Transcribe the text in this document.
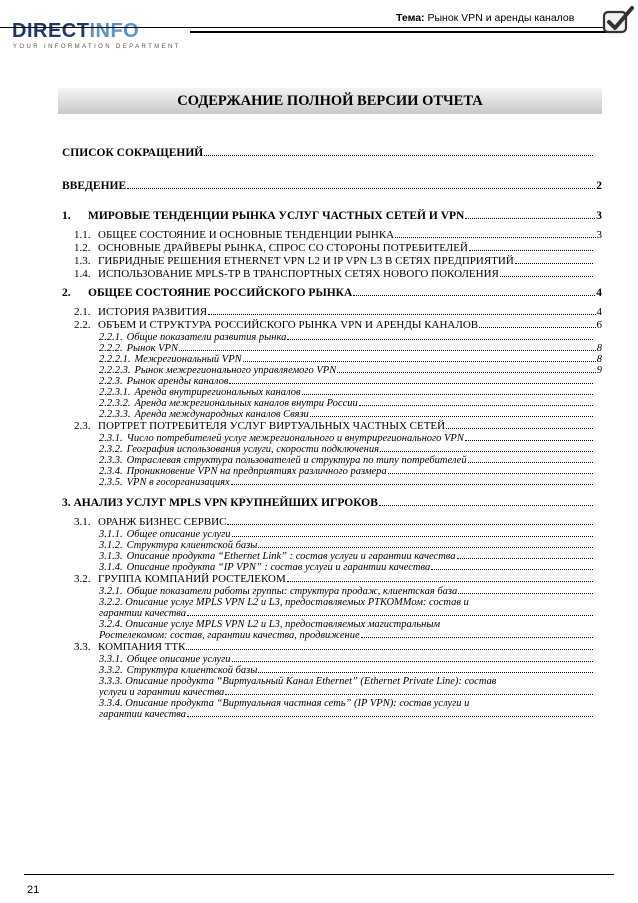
DIRECTINFO
YOUR INFORMATION DEPARTMENT
Тема: Рынок VPN и аренды каналов
СОДЕРЖАНИЕ ПОЛНОЙ ВЕРСИИ ОТЧЕТА
СПИСОК СОКРАЩЕНИЙ
ВВЕДЕНИЕ	2
1. МИРОВЫЕ ТЕНДЕНЦИИ РЫНКА УСЛУГ ЧАСТНЫХ СЕТЕЙ И VPN	3
1.1. ОБЩЕЕ СОСТОЯНИЕ И ОСНОВНЫЕ ТЕНДЕНЦИИ РЫНКА	3
1.2. ОСНОВНЫЕ ДРАЙВЕРЫ РЫНКА, СПРОС СО СТОРОНЫ ПОТРЕБИТЕЛЕЙ
1.3. ГИБРИДНЫЕ РЕШЕНИЯ ETHERNET VPN L2 И IP VPN L3 В СЕТЯХ ПРЕДПРИЯТИЙ
1.4. ИСПОЛЬЗОВАНИЕ MPLS-TP В ТРАНСПОРТНЫХ СЕТЯХ НОВОГО ПОКОЛЕНИЯ
2. ОБЩЕЕ СОСТОЯНИЕ РОССИЙСКОГО РЫНКА	4
2.1. ИСТОРИЯ РАЗВИТИЯ	4
2.2. ОБЪЕМ И СТРУКТУРА РОССИЙСКОГО РЫНКА VPN И АРЕНДЫ КАНАЛОВ	6
2.2.1. Общие показатели развития рынка
2.2.2. Рынок VPN	8
2.2.2.1. Межрегиональный VPN	8
2.2.2.3. Рынок межрегионального управляемого VPN	9
2.2.3. Рынок аренды каналов
2.2.3.1. Аренда внутрирегиональных каналов
2.2.3.2. Аренда межрегиональных каналов внутри России
2.2.3.3. Аренда международных каналов Связи
2.3. ПОРТРЕТ ПОТРЕБИТЕЛЯ УСЛУГ ВИРТУАЛЬНЫХ ЧАСТНЫХ СЕТЕЙ
2.3.1. Число потребителей услуг межрегионального и внутрирегионального VPN
2.3.2. География использования услуги, скорости подключения
2.3.3. Отраслевая структура пользователей и структура по типу потребителей
2.3.4. Проникновение VPN на предприятиях различного размера
2.3.5. VPN в госорганизациях
3. АНАЛИЗ УСЛУГ MPLS VPN КРУПНЕЙШИХ ИГРОКОВ
3.1. ОРАНЖ БИЗНЕС СЕРВИС
3.1.1. Общее описание услуги
3.1.2. Структура клиентской базы
3.1.3. Описание продукта “Ethernet Link” : состав услуги и гарантии качества
3.1.4. Описание продукта “IP VPN” : состав услуги и гарантии качества
3.2. ГРУППА КОМПАНИЙ РОСТЕЛЕКОМ
3.2.1. Общие показатели работы группы: структура продаж, клиентская база
3.2.2. Описание услуг MPLS VPN L2 и L3, предоставляемых РТКОММом: состав и
гарантии качества
3.2.4. Описание услуг MPLS VPN L2 и L3, предоставляемых магистральным
Ростелекомом: состав, гарантии качества, продвижение
3.3. КОМПАНИЯ ТТК
3.3.1. Общее описание услуги
3.3.2. Структура клиентской базы
3.3.3. Описание продукта “Виртуальный Канал Ethernet” (Ethernet Private Line): состав
услуги и гарантии качества
3.3.4. Описание продукта “Виртуальная частная сеть” (IP VPN): состав услуги и
гарантии качества
21
